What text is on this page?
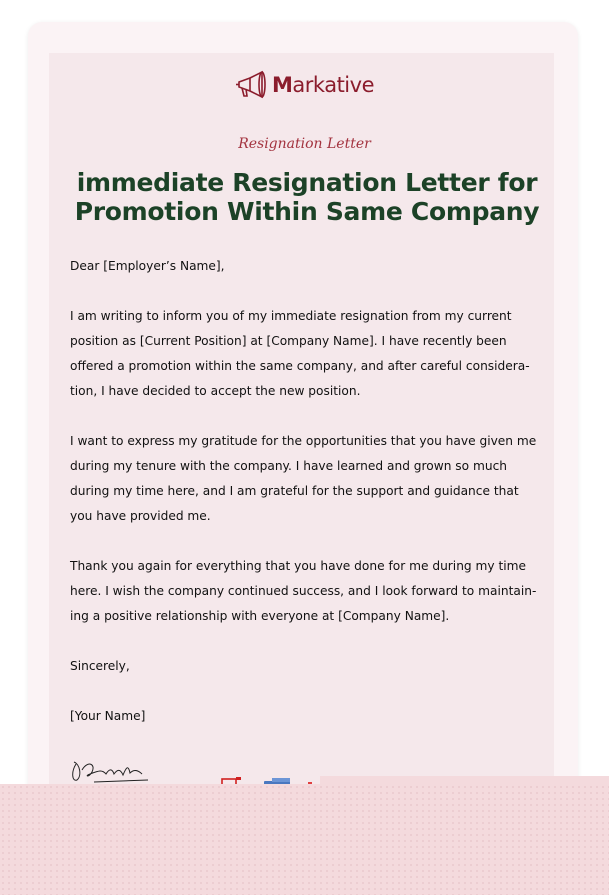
Markative
Resignation Letter
immediate Resignation Letter for Promotion Within Same Company

Dear [Employer’s Name],

I am writing to inform you of my immediate resignation from my current position as [Current Position] at [Company Name]. I have recently been offered a promotion within the same company, and after careful considera- tion, I have decided to accept the new position.

I want to express my gratitude for the opportunities that you have given me during my tenure with the company. I have learned and grown so much during my time here, and I am grateful for the support and guidance that you have provided me.

Thank you again for everything that you have done for me during my time here. I wish the company continued success, and I look forward to maintain- ing a positive relationship with everyone at [Company Name].

Sincerely,

[Your Name]
